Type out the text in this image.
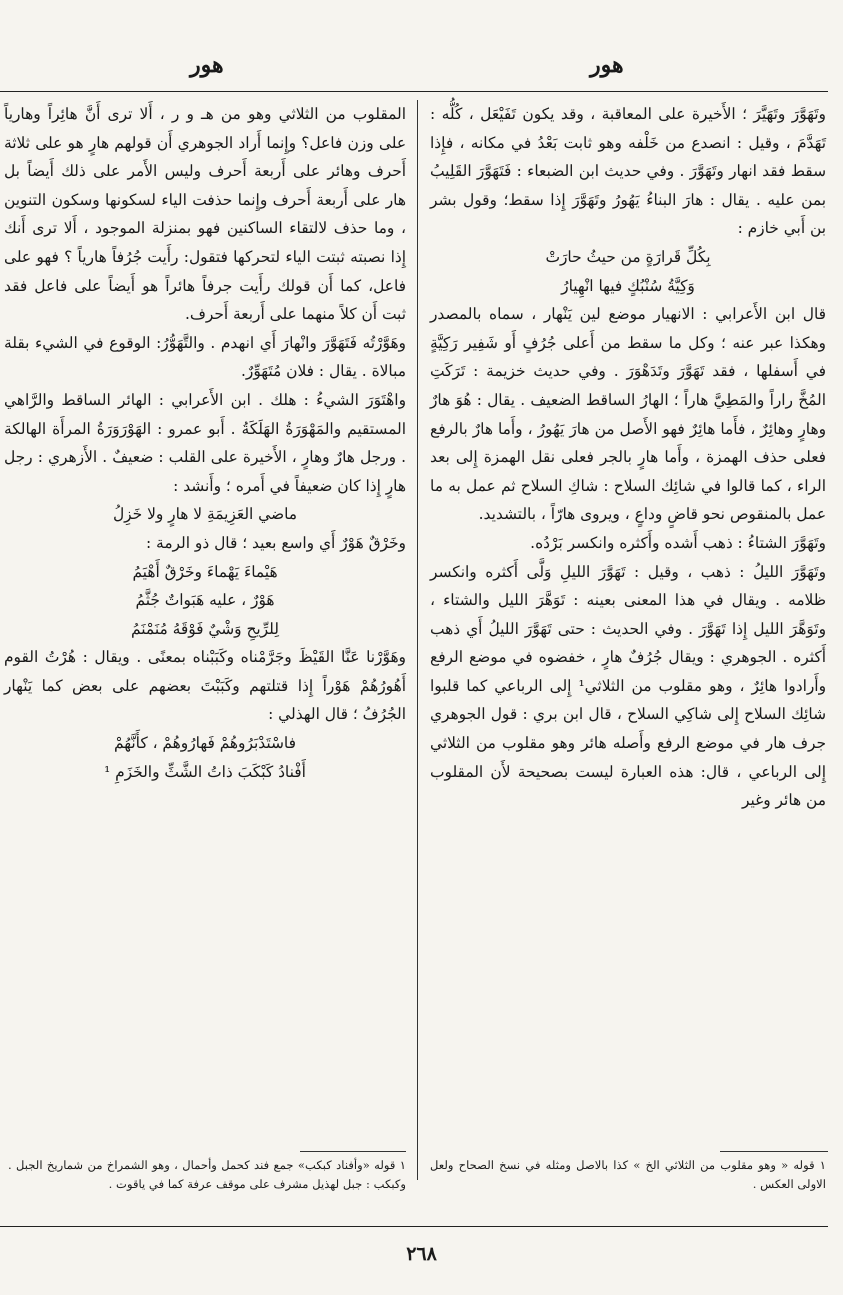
هور
هور

وتَهَوَّرَ وتَهَيَّرَ ؛ الأَخيرة على المعاقبة ، وقد يكون تَفَيْعَل ، كُلُّه : تَهَدَّمَ ، وقيل : انصدع من خَلْفه وهو ثابت بَعْدُ في مكانه ، فإِذا سقط فقد انهار وتَهَوَّرَ . وفي حديث ابن الضبعاء : فَتَهَوَّرَ القَلِيبُ بمن عليه . يقال : هارَ البناءُ يَهُورُ وتَهَوَّرَ إِذا سقط؛ وقول بشر بن أَبي خازم :

بِكُلِّ قَرارَةٍ من حيثُ حارَتْ

وَكِيَّةُ سُنْبُكٍ فيها انْهِيارُ

قال ابن الأَعرابي : الانهيار موضع لين يَنْهار ، سماه بالمصدر وهكذا عبر عنه ؛ وكل ما سقط من أَعلى جُرُفٍ أَو شَفِير رَكِيَّةٍ في أَسفلها ، فقد تَهَوَّرَ وتَدَهْوَرَ . وفي حديث خزيمة : تَرَكَتِ المُخَّ راراً والمَطِيَّ هاراً ؛ الهارُ الساقط الضعيف . يقال : هُوَ هارٌ وهارٍ وهائِرٌ ، فأَما هائِرٌ فهو الأَصل من هارَ يَهُورُ ، وأَما هارٌ بالرفع فعلى حذف الهمزة ، وأَما هارٍ بالجر فعلى نقل الهمزة إِلى بعد الراء ، كما قالوا في شائِك السلاح : شاكِ السلاح ثم عمل به ما عمل بالمنقوص نحو قاضٍ وداعٍ ، ويروى هارّاً ، بالتشديد.

وتَهَوَّرَ الشتاءُ : ذهب أَشده وأَكثره وانكسر بَرْدُه.

وتَهَوَّرَ الليلُ : ذهب ، وقيل : تَهَوَّرَ الليلِ وَلَّى أَكثره وانكسر ظلامه . ويقال في هذا المعنى بعينه : تَوَهَّرَ الليل والشتاء ، وتَوَهَّرَ الليل إِذا تَهَوَّرَ . وفي الحديث : حتى تَهَوَّرَ الليلُ أَي ذهب أَكثره . الجوهري : ويقال جُرُفٌ هارٍ ، خفضوه في موضع الرفع وأَرادوا هائِرٌ ، وهو مقلوب من الثلاثي¹ إِلى الرباعي كما قلبوا شائِك السلاح إِلى شاكِي السلاح ، قال ابن بري : قول الجوهري جرف هار في موضع الرفع وأَصله هائر وهو مقلوب من الثلاثي إِلى الرباعي ، قال: هذه العبارة ليست بصحيحة لأَن المقلوب من هائر وغير

المقلوب من الثلاثي وهو من هـ و ر ، أَلا ترى أَنَّ هائِراً وهارياً على وزن فاعل؟ وإِنما أَراد الجوهري أَن قولهم هارٍ هو على ثلاثة أَحرف وهائر على أَربعة أَحرف وليس الأَمر على ذلك أَيضاً بل هار على أَربعة أَحرف وإِنما حذفت الياء لسكونها وسكون التنوين ، وما حذف لالتقاء الساكنين فهو بمنزلة الموجود ، أَلا ترى أَنك إِذا نصبته ثبتت الياء لتحركها فتقول: رأَيت جُرُفاً هارياً ؟ فهو على فاعل، كما أَن قولك رأَيت جرفاً هائراً هو أَيضاً على فاعل فقد ثبت أَن كلاً منهما على أَربعة أَحرف.

وهَوَّرْتُه فَتَهَوَّرَ وانْهارَ أَي انهدم . والتَّهَوُّرُ: الوقوع في الشيء بقلة مبالاة . يقال : فلان مُتَهَوِّرٌ.

واهْتَوَرَ الشيءُ : هلك . ابن الأَعرابي : الهائر الساقط والرَّاهي المستقيم والمَهْوَرَةُ الهَلَكَةُ . أَبو عمرو : الهَوْرَوَرَةُ المرأَة الهالكة . ورجل هارٌ وهارٍ ، الأَخيرة على القلب : ضعيفٌ . الأَزهري : رجل هارٍ إِذا كان ضعيفاً في أَمره ؛ وأَنشد :

ماضي العَزِيمَةِ لا هارٍ ولا خَزِلُ

وخَرْقٌ هَوْرٌ أَي واسع بعيد ؛ قال ذو الرمة :

هَيْماءَ يَهْماءَ وخَرْقٌ أَهْيَمُ

هَوْرٌ ، عليه هَبَواتٌ جُثَّمُ

لِلرِّيحِ وَشْيٌ فَوْقَهُ مُنَمْنَمُ

وهَوَّرْنا عَنَّا القَيْظَ وجَرَّمْناه وكَبَبْناه بمعنًى . ويقال : هُرْتُ القوم أَهُورُهُمْ هَوْراً إِذا قتلتهم وكَبَبْتَ بعضهم على بعض كما يَنْهار الجُرُفُ ؛ قال الهذلي :

فاسْتَدْبَرُوهُمْ فَهارُوهُمْ ، كأَنَّهُمْ

أَفْنادُ كَبْكَبَ ذاتُ الشَّثِّ والخَزَمِ ¹

١ قوله « وهو مقلوب من الثلاثي الخ » كذا بالاصل ومثله في نسخ الصحاح ولعل الاولى العكس .

١ قوله «وأفناد كبكب» جمع فند كحمل وأحمال ، وهو الشمراخ من شماريخ الجبل . وكبكب : جبل لهذيل مشرف على موقف عرفة كما في ياقوت .

٢٦٨
